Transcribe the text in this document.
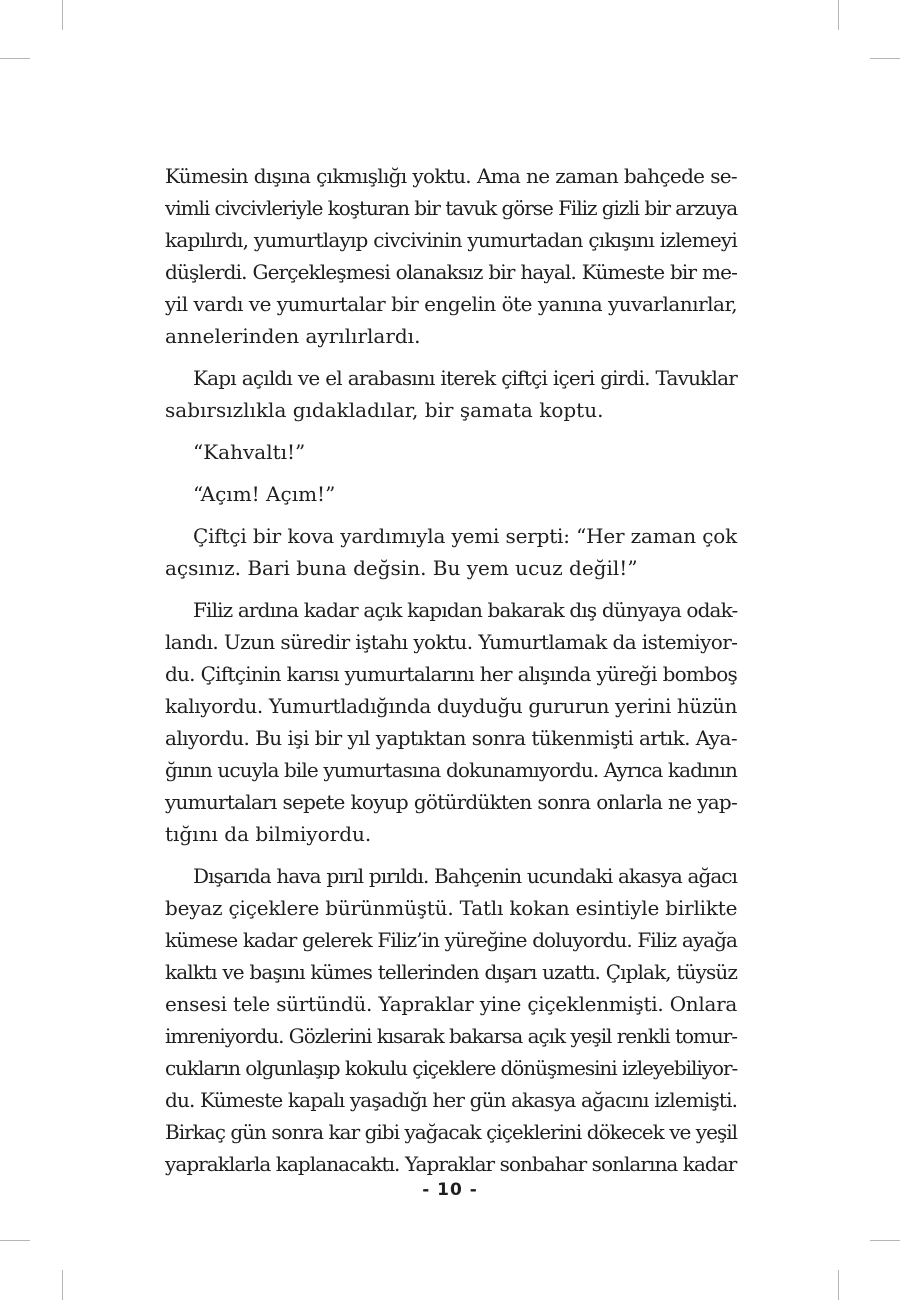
Kümesin dışına çıkmışlığı yoktu. Ama ne zaman bahçede se-
vimli civcivleriyle koşturan bir tavuk görse Filiz gizli bir arzuya
kapılırdı, yumurtlayıp civcivinin yumurtadan çıkışını izlemeyi
düşlerdi. Gerçekleşmesi olanaksız bir hayal. Kümeste bir me-
yil vardı ve yumurtalar bir engelin öte yanına yuvarlanırlar,
annelerinden ayrılırlardı.

Kapı açıldı ve el arabasını iterek çiftçi içeri girdi. Tavuklar
sabırsızlıkla gıdakladılar, bir şamata koptu.

“Kahvaltı!”

“Açım! Açım!”

Çiftçi bir kova yardımıyla yemi serpti: “Her zaman çok
açsınız. Bari buna değsin. Bu yem ucuz değil!”

Filiz ardına kadar açık kapıdan bakarak dış dünyaya odak-
landı. Uzun süredir iştahı yoktu. Yumurtlamak da istemiyor-
du. Çiftçinin karısı yumurtalarını her alışında yüreği bomboş
kalıyordu. Yumurtladığında duyduğu gururun yerini hüzün
alıyordu. Bu işi bir yıl yaptıktan sonra tükenmişti artık. Aya-
ğının ucuyla bile yumurtasına dokunamıyordu. Ayrıca kadının
yumurtaları sepete koyup götürdükten sonra onlarla ne yap-
tığını da bilmiyordu.

Dışarıda hava pırıl pırıldı. Bahçenin ucundaki akasya ağacı
beyaz çiçeklere bürünmüştü. Tatlı kokan esintiyle birlikte
kümese kadar gelerek Filiz’in yüreğine doluyordu. Filiz ayağa
kalktı ve başını kümes tellerinden dışarı uzattı. Çıplak, tüysüz
ensesi tele sürtündü. Yapraklar yine çiçeklenmişti. Onlara
imreniyordu. Gözlerini kısarak bakarsa açık yeşil renkli tomur-
cukların olgunlaşıp kokulu çiçeklere dönüşmesini izleyebiliyor-
du. Kümeste kapalı yaşadığı her gün akasya ağacını izlemişti.
Birkaç gün sonra kar gibi yağacak çiçeklerini dökecek ve yeşil
yapraklarla kaplanacaktı. Yapraklar sonbahar sonlarına kadar

- 10 -
